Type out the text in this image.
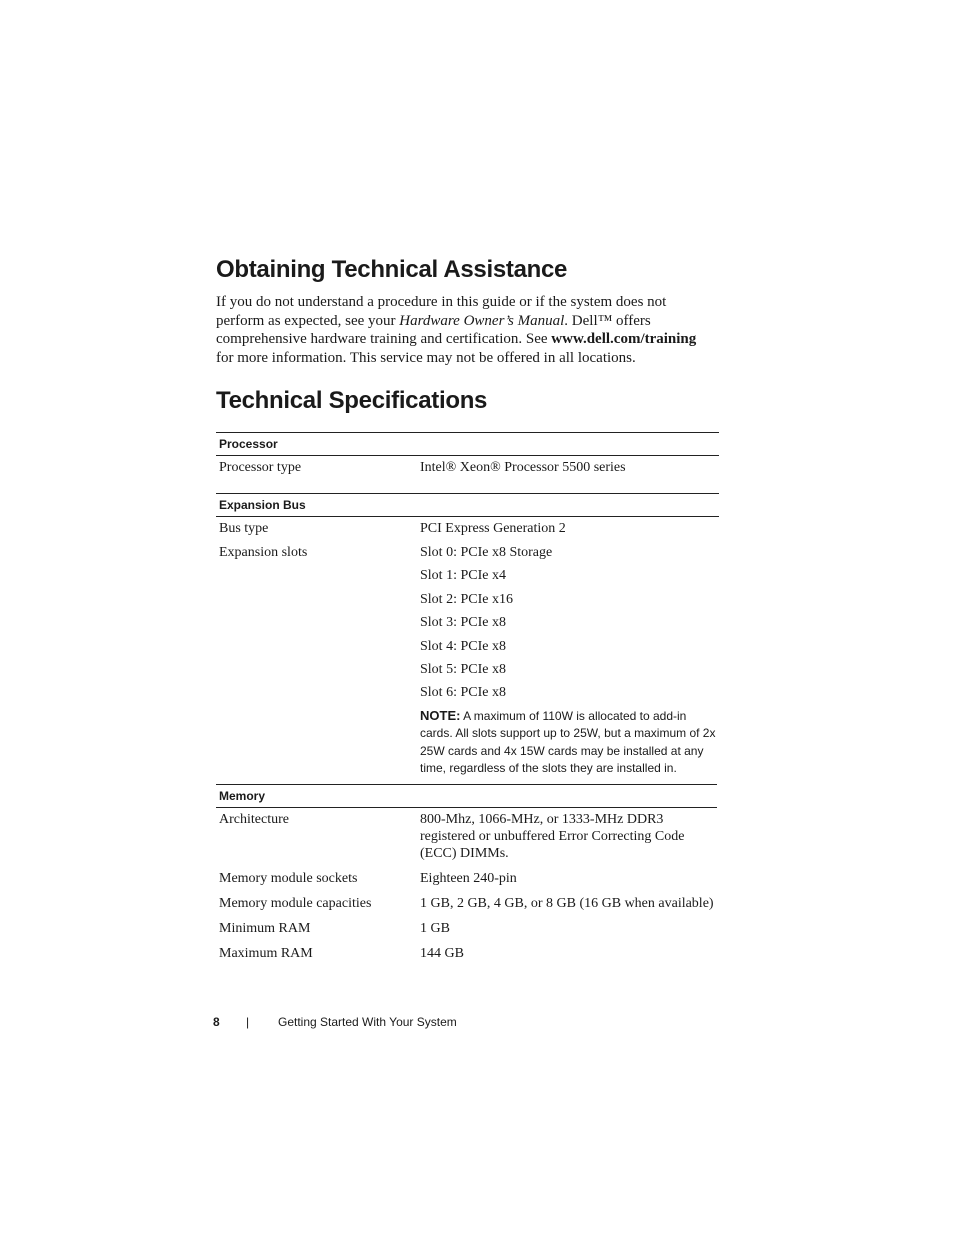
Obtaining Technical Assistance

If you do not understand a procedure in this guide or if the system does not perform as expected, see your Hardware Owner’s Manual. Dell™ offers comprehensive hardware training and certification. See www.dell.com/training for more information. This service may not be offered in all locations.

Technical Specifications
Processor
Processor type	Intel® Xeon® Processor 5500 series
Expansion Bus
Bus type	PCI Express Generation 2
Expansion slots	Slot 0: PCIe x8 Storage
Slot 1: PCIe x4
Slot 2: PCIe x16
Slot 3: PCIe x8
Slot 4: PCIe x8
Slot 5: PCIe x8
Slot 6: PCIe x8
NOTE: A maximum of 110W is allocated to add-in cards. All slots support up to 25W, but a maximum of 2x 25W cards and 4x 15W cards may be installed at any time, regardless of the slots they are installed in.
Memory
Architecture	800-Mhz, 1066-MHz, or 1333-MHz DDR3 registered or unbuffered Error Correcting Code (ECC) DIMMs.
Memory module sockets	Eighteen 240-pin
Memory module capacities	1 GB, 2 GB, 4 GB, or 8 GB (16 GB when available)
Minimum RAM	1 GB
Maximum RAM	144 GB
8 | Getting Started With Your System
